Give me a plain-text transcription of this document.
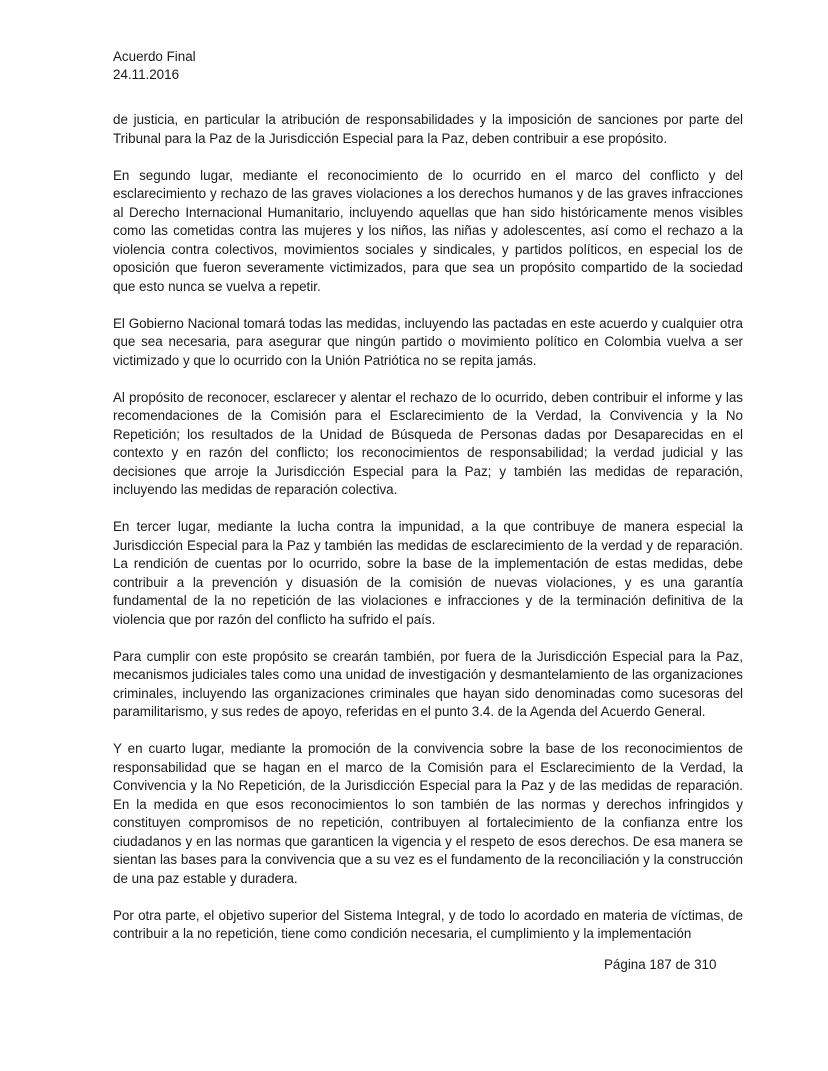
Acuerdo Final
24.11.2016

de justicia, en particular la atribución de responsabilidades y la imposición de sanciones por parte del Tribunal para la Paz de la Jurisdicción Especial para la Paz, deben contribuir a ese propósito.

En segundo lugar, mediante el reconocimiento de lo ocurrido en el marco del conflicto y del esclarecimiento y rechazo de las graves violaciones a los derechos humanos y de las graves infracciones al Derecho Internacional Humanitario, incluyendo aquellas que han sido históricamente menos visibles como las cometidas contra las mujeres y los niños, las niñas y adolescentes, así como el rechazo a la violencia contra colectivos, movimientos sociales y sindicales, y partidos políticos, en especial los de oposición que fueron severamente victimizados, para que sea un propósito compartido de la sociedad que esto nunca se vuelva a repetir.

El Gobierno Nacional tomará todas las medidas, incluyendo las pactadas en este acuerdo y cualquier otra que sea necesaria, para asegurar que ningún partido o movimiento político en Colombia vuelva a ser victimizado y que lo ocurrido con la Unión Patriótica no se repita jamás.

Al propósito de reconocer, esclarecer y alentar el rechazo de lo ocurrido, deben contribuir el informe y las recomendaciones de la Comisión para el Esclarecimiento de la Verdad, la Convivencia y la No Repetición; los resultados de la Unidad de Búsqueda de Personas dadas por Desaparecidas en el contexto y en razón del conflicto; los reconocimientos de responsabilidad; la verdad judicial y las decisiones que arroje la Jurisdicción Especial para la Paz; y también las medidas de reparación, incluyendo las medidas de reparación colectiva.

En tercer lugar, mediante la lucha contra la impunidad, a la que contribuye de manera especial la Jurisdicción Especial para la Paz y también las medidas de esclarecimiento de la verdad y de reparación. La rendición de cuentas por lo ocurrido, sobre la base de la implementación de estas medidas, debe contribuir a la prevención y disuasión de la comisión de nuevas violaciones, y es una garantía fundamental de la no repetición de las violaciones e infracciones y de la terminación definitiva de la violencia que por razón del conflicto ha sufrido el país.

Para cumplir con este propósito se crearán también, por fuera de la Jurisdicción Especial para la Paz, mecanismos judiciales tales como una unidad de investigación y desmantelamiento de las organizaciones criminales, incluyendo las organizaciones criminales que hayan sido denominadas como sucesoras del paramilitarismo, y sus redes de apoyo, referidas en el punto 3.4. de la Agenda del Acuerdo General.

Y en cuarto lugar, mediante la promoción de la convivencia sobre la base de los reconocimientos de responsabilidad que se hagan en el marco de la Comisión para el Esclarecimiento de la Verdad, la Convivencia y la No Repetición, de la Jurisdicción Especial para la Paz y de las medidas de reparación. En la medida en que esos reconocimientos lo son también de las normas y derechos infringidos y constituyen compromisos de no repetición, contribuyen al fortalecimiento de la confianza entre los ciudadanos y en las normas que garanticen la vigencia y el respeto de esos derechos. De esa manera se sientan las bases para la convivencia que a su vez es el fundamento de la reconciliación y la construcción de una paz estable y duradera.

Por otra parte, el objetivo superior del Sistema Integral, y de todo lo acordado en materia de víctimas, de contribuir a la no repetición, tiene como condición necesaria, el cumplimiento y la implementación

Página 187 de 310
